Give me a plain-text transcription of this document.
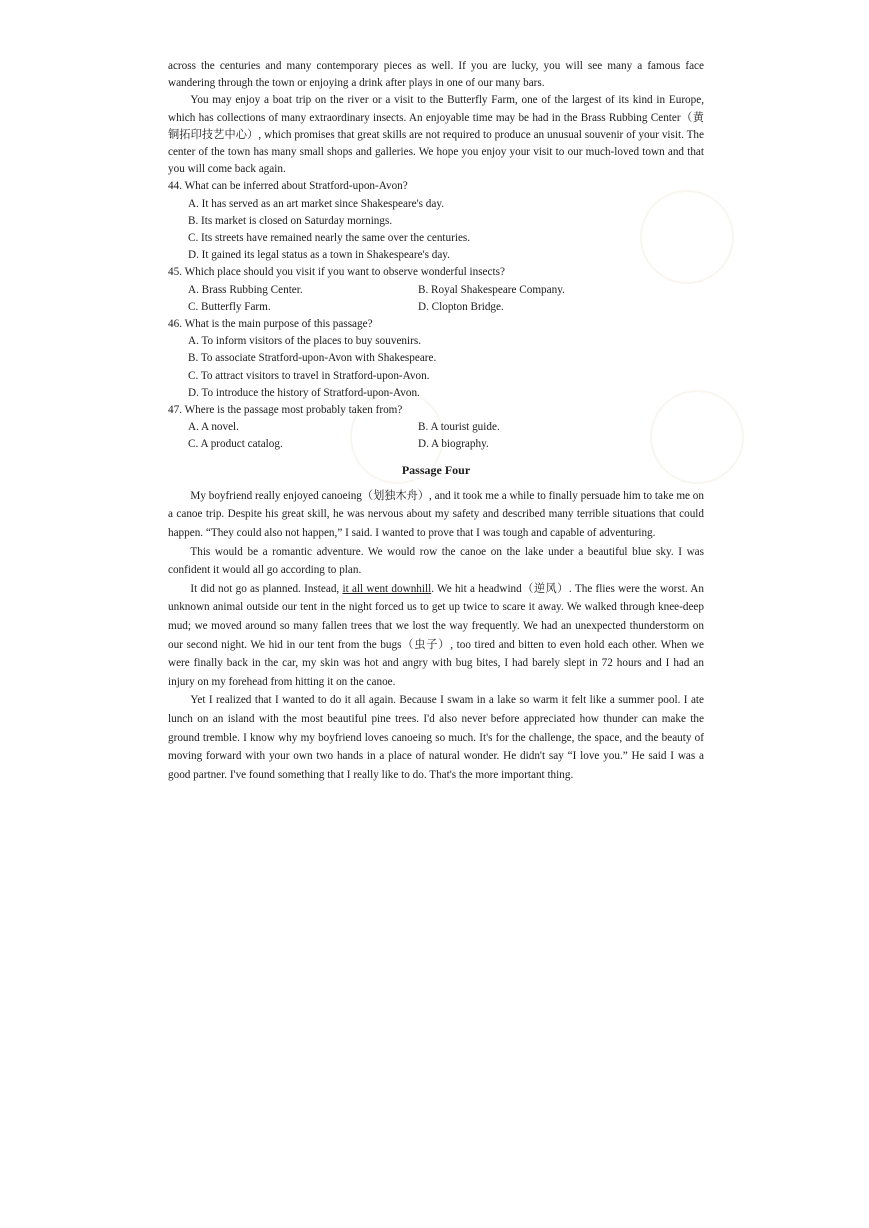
across the centuries and many contemporary pieces as well. If you are lucky, you will see many a famous face wandering through the town or enjoying a drink after plays in one of our many bars.

You may enjoy a boat trip on the river or a visit to the Butterfly Farm, one of the largest of its kind in Europe, which has collections of many extraordinary insects. An enjoyable time may be had in the Brass Rubbing Center（黄铜拓印技艺中心）, which promises that great skills are not required to produce an unusual souvenir of your visit. The center of the town has many small shops and galleries. We hope you enjoy your visit to our much-loved town and that you will come back again.

44. What can be inferred about Stratford-upon-Avon?

A. It has served as an art market since Shakespeare's day.

B. Its market is closed on Saturday mornings.

C. Its streets have remained nearly the same over the centuries.

D. It gained its legal status as a town in Shakespeare's day.

45. Which place should you visit if you want to observe wonderful insects?

A. Brass Rubbing Center.	B. Royal Shakespeare Company.
C. Butterfly Farm.	D. Clopton Bridge.

46. What is the main purpose of this passage?

A. To inform visitors of the places to buy souvenirs.

B. To associate Stratford-upon-Avon with Shakespeare.

C. To attract visitors to travel in Stratford-upon-Avon.

D. To introduce the history of Stratford-upon-Avon.

47. Where is the passage most probably taken from?

A. A novel.	B. A tourist guide.
C. A product catalog.	D. A biography.
Passage Four

My boyfriend really enjoyed canoeing（划独木舟）, and it took me a while to finally persuade him to take me on a canoe trip. Despite his great skill, he was nervous about my safety and described many terrible situations that could happen. “They could also not happen,” I said. I wanted to prove that I was tough and capable of adventuring.

This would be a romantic adventure. We would row the canoe on the lake under a beautiful blue sky. I was confident it would all go according to plan.

It did not go as planned. Instead, it all went downhill. We hit a headwind（逆风）. The flies were the worst. An unknown animal outside our tent in the night forced us to get up twice to scare it away. We walked through knee-deep mud; we moved around so many fallen trees that we lost the way frequently. We had an unexpected thunderstorm on our second night. We hid in our tent from the bugs（虫子）, too tired and bitten to even hold each other. When we were finally back in the car, my skin was hot and angry with bug bites, I had barely slept in 72 hours and I had an injury on my forehead from hitting it on the canoe.

Yet I realized that I wanted to do it all again. Because I swam in a lake so warm it felt like a summer pool. I ate lunch on an island with the most beautiful pine trees. I'd also never before appreciated how thunder can make the ground tremble. I know why my boyfriend loves canoeing so much. It's for the challenge, the space, and the beauty of moving forward with your own two hands in a place of natural wonder. He didn't say “I love you.” He said I was a good partner. I've found something that I really like to do. That's the more important thing.
